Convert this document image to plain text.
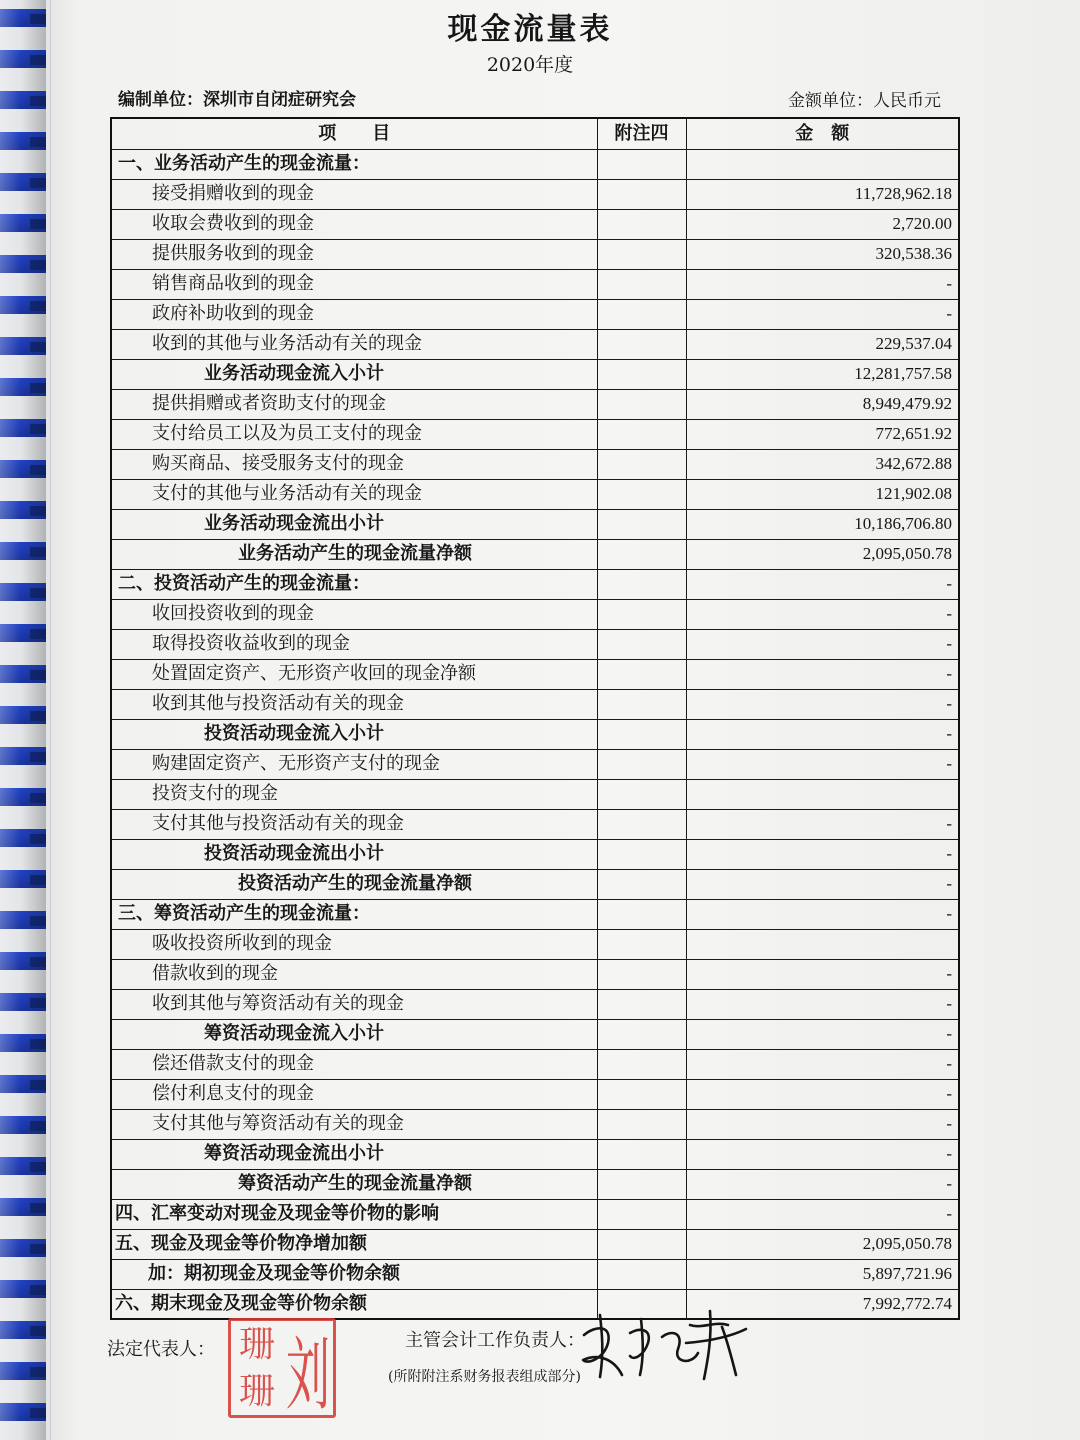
现金流量表
2020年度
编制单位：深圳市自闭症研究会	金额单位：人民币元
项　　目	附注四	金　额
一、业务活动产生的现金流量：		
接受捐赠收到的现金		11,728,962.18
收取会费收到的现金		2,720.00
提供服务收到的现金		320,538.36
销售商品收到的现金		-
政府补助收到的现金		-
收到的其他与业务活动有关的现金		229,537.04
业务活动现金流入小计		12,281,757.58
提供捐赠或者资助支付的现金		8,949,479.92
支付给员工以及为员工支付的现金		772,651.92
购买商品、接受服务支付的现金		342,672.88
支付的其他与业务活动有关的现金		121,902.08
业务活动现金流出小计		10,186,706.80
业务活动产生的现金流量净额		2,095,050.78
二、投资活动产生的现金流量：		-
收回投资收到的现金		-
取得投资收益收到的现金		-
处置固定资产、无形资产收回的现金净额		-
收到其他与投资活动有关的现金		-
投资活动现金流入小计		-
购建固定资产、无形资产支付的现金		-
投资支付的现金		
支付其他与投资活动有关的现金		-
投资活动现金流出小计		-
投资活动产生的现金流量净额		-
三、筹资活动产生的现金流量：		-
吸收投资所收到的现金		
借款收到的现金		-
收到其他与筹资活动有关的现金		-
筹资活动现金流入小计		-
偿还借款支付的现金		-
偿付利息支付的现金		-
支付其他与筹资活动有关的现金		-
筹资活动现金流出小计		-
筹资活动产生的现金流量净额		-
四、汇率变动对现金及现金等价物的影响		-
五、现金及现金等价物净增加额		2,095,050.78
加：期初现金及现金等价物余额		5,897,721.96
六、期末现金及现金等价物余额		7,992,772.74
法定代表人： 珊
珊 刘	主管会计工作负责人：
(所附附注系财务报表组成部分)
